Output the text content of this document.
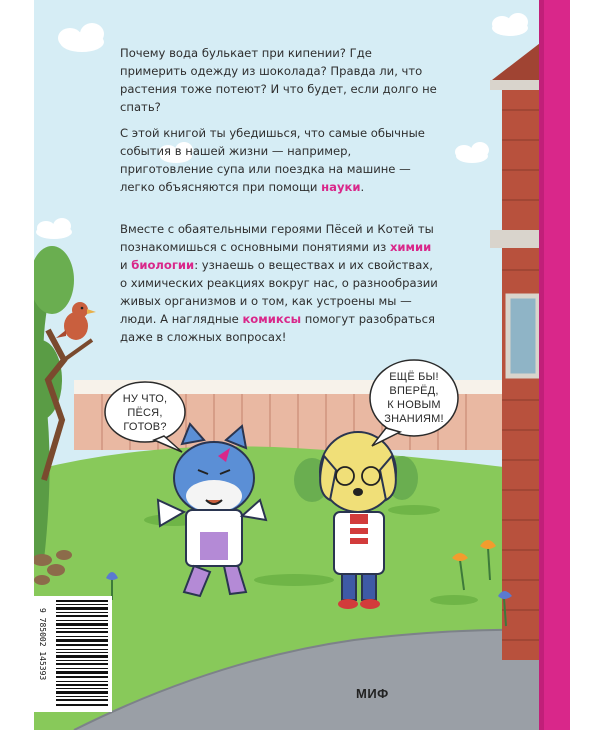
Почему вода булькает при кипении? Где примерить одежду из шоколада? Правда ли, что растения тоже потеют? И что будет, если долго не спать?
С этой книгой ты убедишься, что самые обычные события в нашей жизни — например, приготовление супа или поездка на машине — легко объясняются при помощи науки.
Вместе с обаятельными героями Пёсей и Котей ты познакомишься с основными понятиями из химии и биологии: узнаешь о веществах и их свойствах, о химических реакциях вокруг нас, о разнообразии живых организмов и о том, как устроены мы — люди. А наглядные комиксы помогут разобраться даже в сложных вопросах!
НУ ЧТО,
ПЁСЯ,
ГОТОВ?
ЕЩЁ БЫ!
ВПЕРЁД,
К НОВЫМ
ЗНАНИЯМ!
9 785002 145393
МИФ
